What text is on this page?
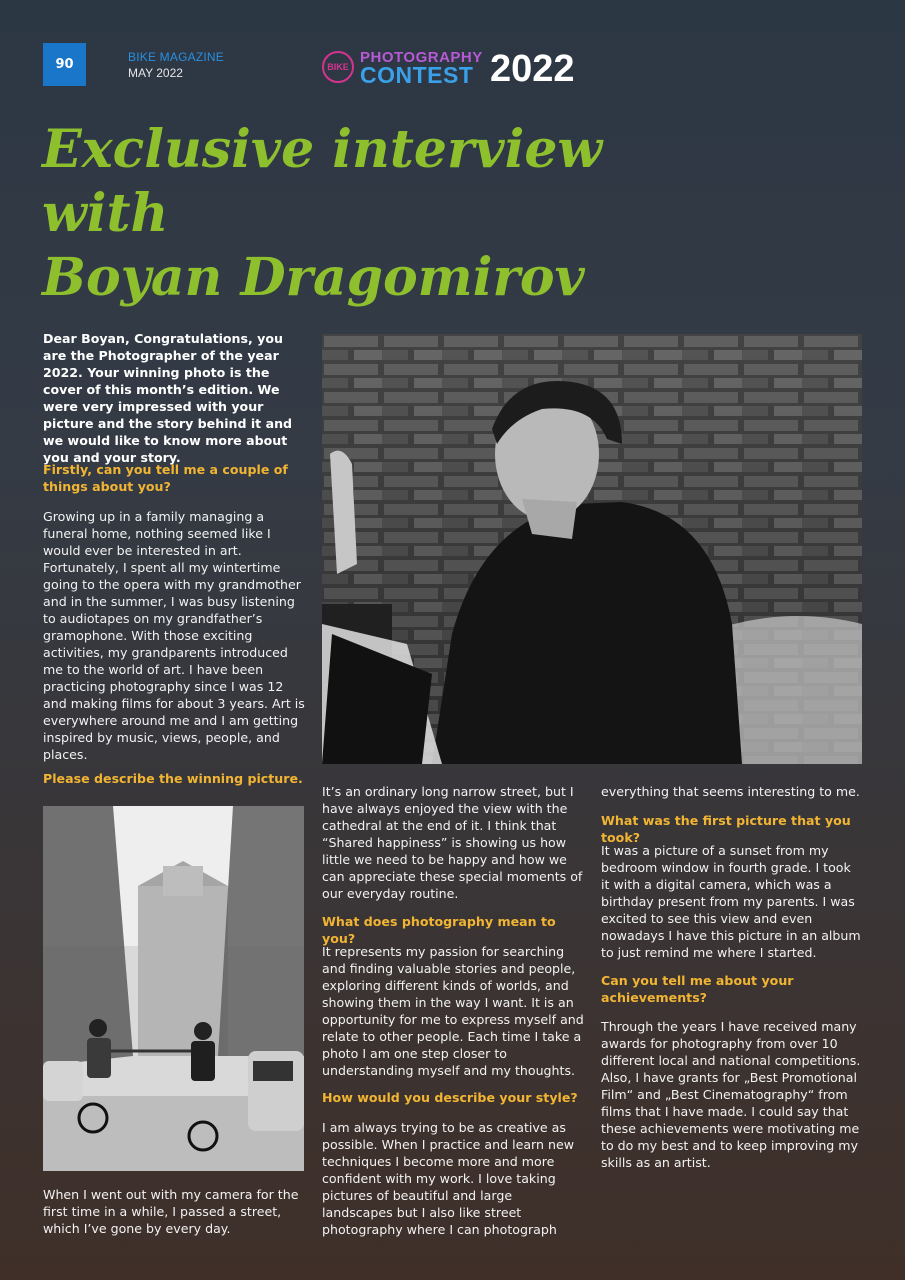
90	BIKE MAGAZINE
MAY 2022	BIKE
PHOTOGRAPHY
CONTEST 2022
Exclusive interview with
Boyan Dragomirov

Dear Boyan, Congratulations, you are the Photographer of the year 2022. Your winning photo is the cover of this month’s edition. We were very impressed with your picture and the story behind it and we would like to know more about you and your story.

Firstly, can you tell me a couple of things about you?

Growing up in a family managing a funeral home, nothing seemed like I would ever be interested in art. Fortunately, I spent all my wintertime going to the opera with my grandmother and in the summer, I was busy listening to audiotapes on my grandfather’s gramophone. With those exciting activities, my grandparents introduced me to the world of art. I have been practicing photography since I was 12 and making films for about 3 years. Art is everywhere around me and I am getting inspired by music, views, people, and places.

Please describe the winning picture.

When I went out with my camera for the first time in a while, I passed a street, which I’ve gone by every day.

It’s an ordinary long narrow street, but I have always enjoyed the view with the cathedral at the end of it. I think that “Shared happiness” is showing us how little we need to be happy and how we can appreciate these special moments of our everyday routine.

What does photography mean to you?

It represents my passion for searching and finding valuable stories and people, exploring different kinds of worlds, and showing them in the way I want. It is an opportunity for me to express myself and relate to other people. Each time I take a photo I am one step closer to understanding myself and my thoughts.

How would you describe your style?

I am always trying to be as creative as possible. When I practice and learn new techniques I become more and more confident with my work. I love taking pictures of beautiful and large landscapes but I also like street photography where I can photograph

everything that seems interesting to me.

What was the first picture that you took?

It was a picture of a sunset from my bedroom window in fourth grade. I took it with a digital camera, which was a birthday present from my parents. I was excited to see this view and even nowadays I have this picture in an album to just remind me where I started.

Can you tell me about your achievements?

Through the years I have received many awards for photography from over 10 different local and national competitions. Also, I have grants for „Best Promotional Film“ and „Best Cinematography“ from films that I have made. I could say that these achievements were motivating me to do my best and to keep improving my skills as an artist.
